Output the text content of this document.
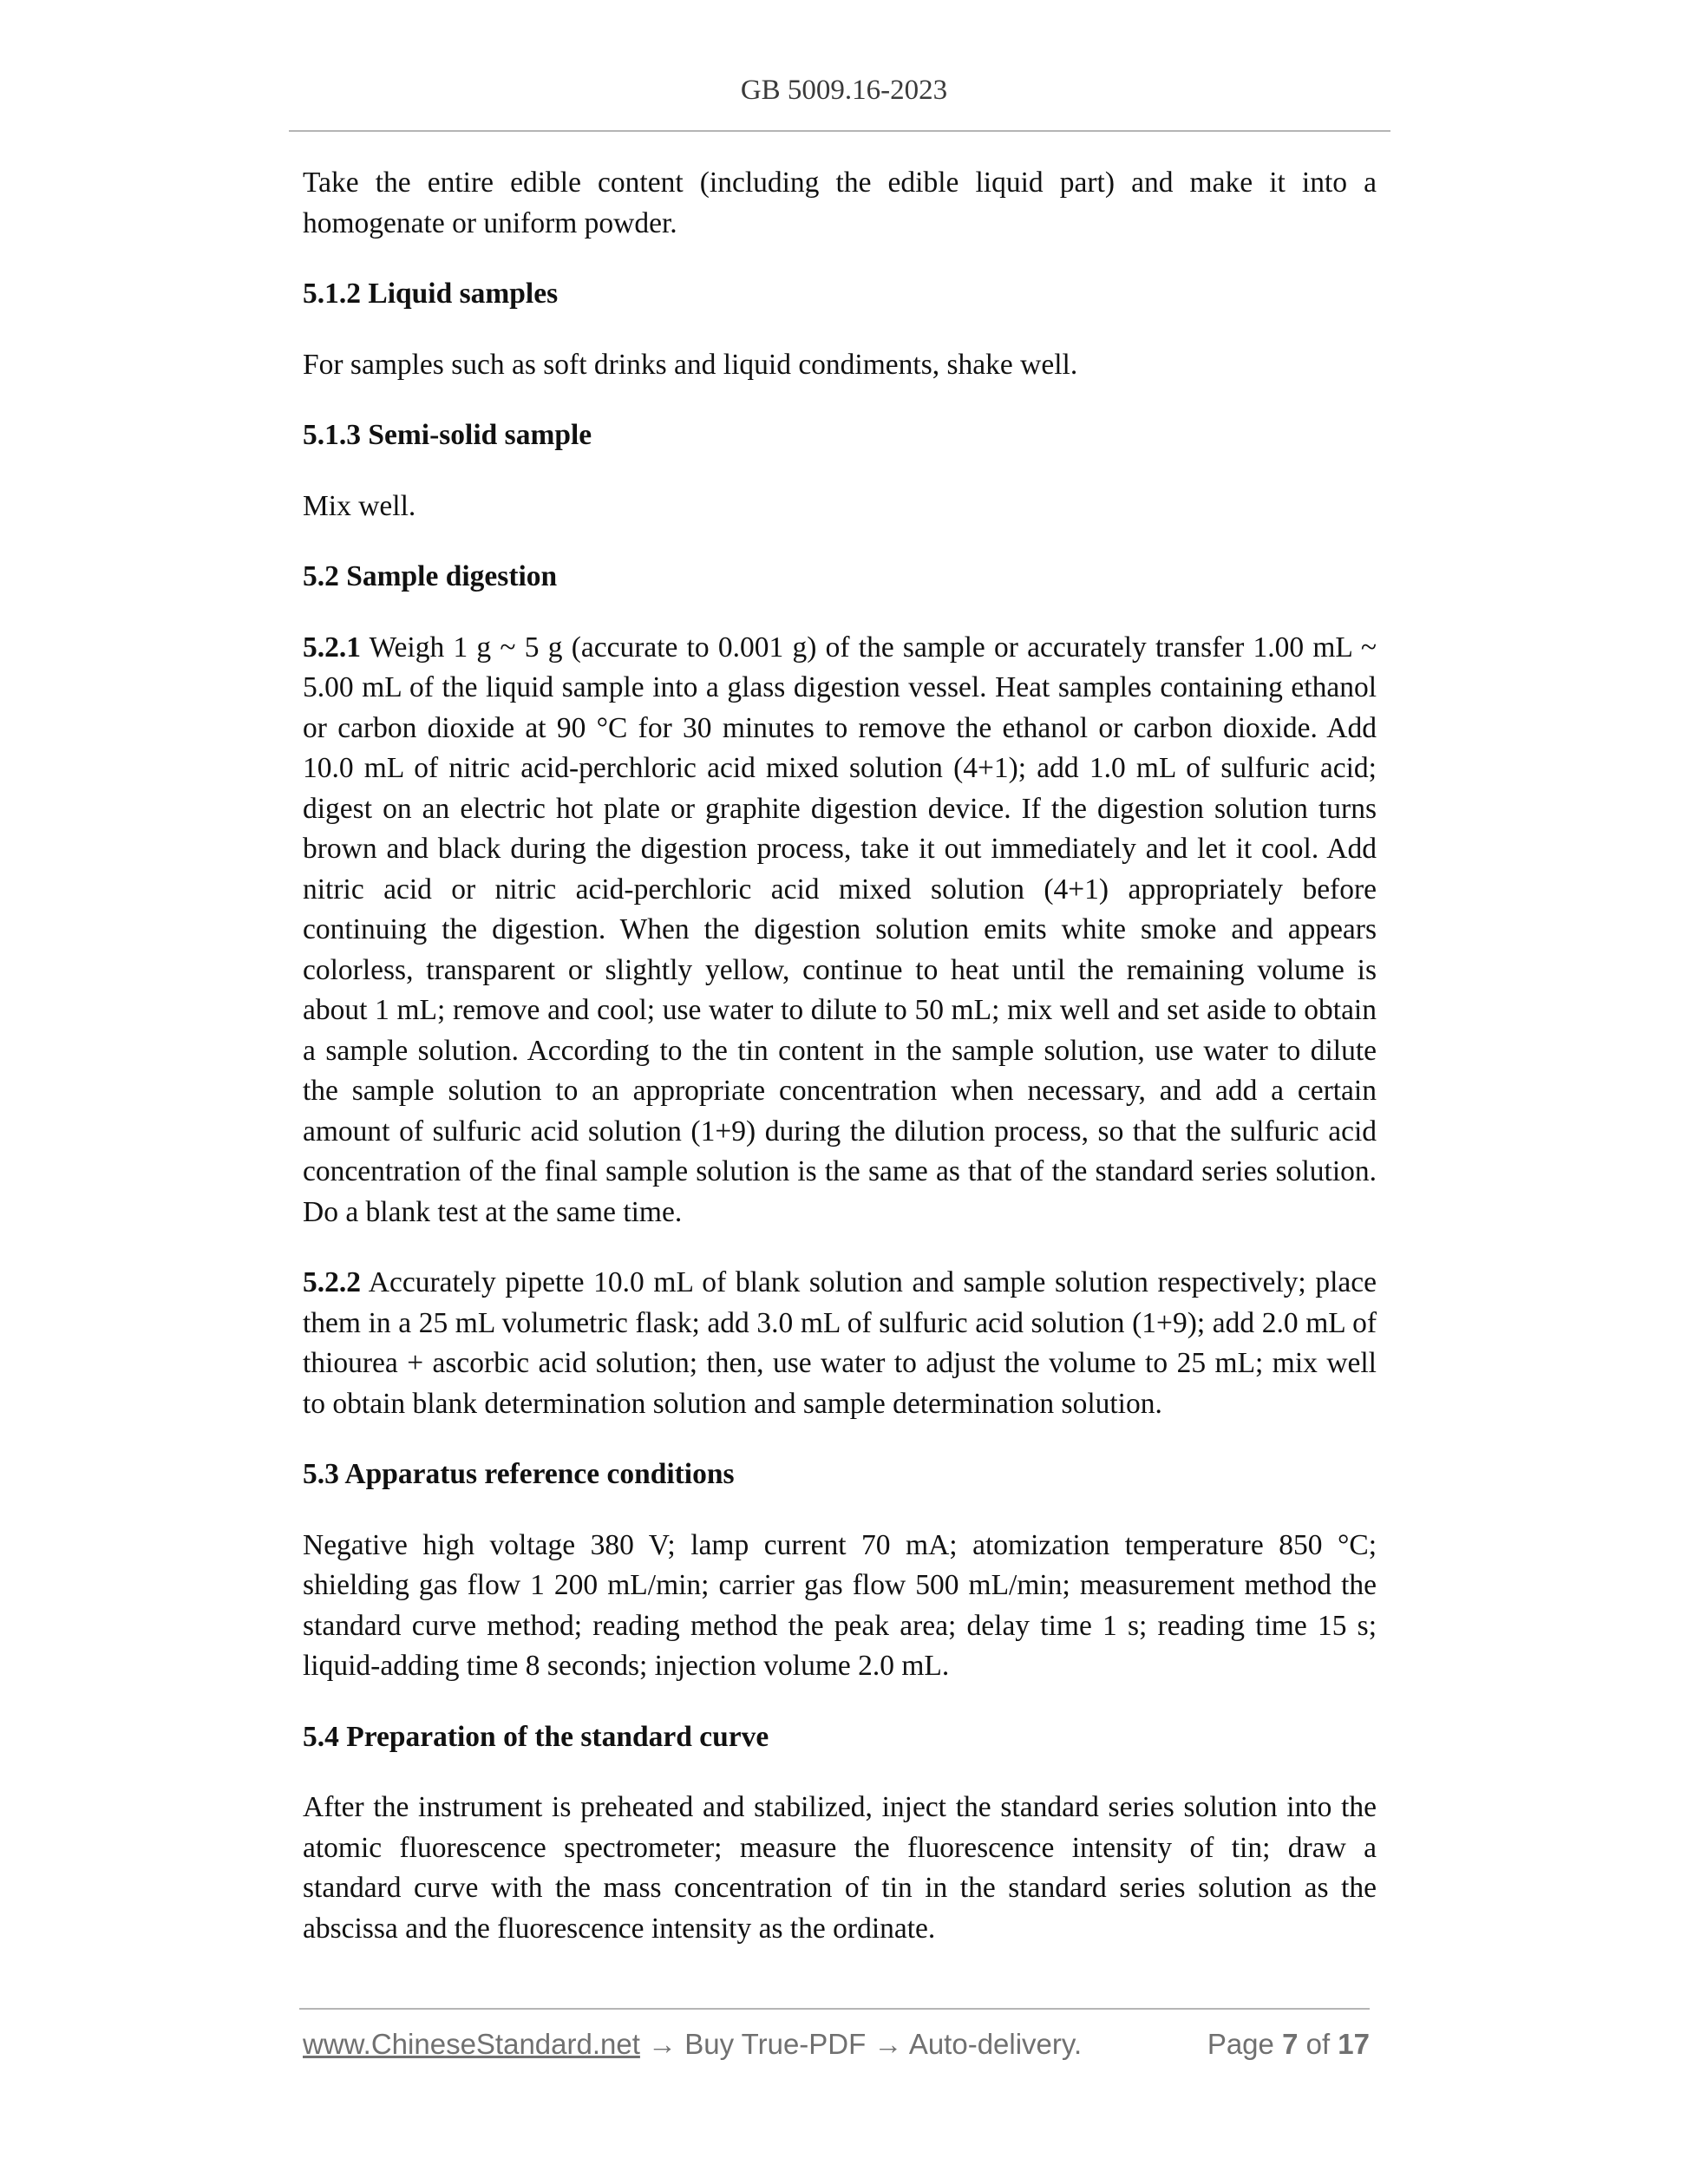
GB 5009.16-2023

Take the entire edible content (including the edible liquid part) and make it into a homogenate or uniform powder.

5.1.2 Liquid samples

For samples such as soft drinks and liquid condiments, shake well.

5.1.3 Semi-solid sample

Mix well.

5.2 Sample digestion

5.2.1 Weigh 1 g ~ 5 g (accurate to 0.001 g) of the sample or accurately transfer 1.00 mL ~ 5.00 mL of the liquid sample into a glass digestion vessel. Heat samples containing ethanol or carbon dioxide at 90 °C for 30 minutes to remove the ethanol or carbon dioxide. Add 10.0 mL of nitric acid-perchloric acid mixed solution (4+1); add 1.0 mL of sulfuric acid; digest on an electric hot plate or graphite digestion device. If the digestion solution turns brown and black during the digestion process, take it out immediately and let it cool. Add nitric acid or nitric acid-perchloric acid mixed solution (4+1) appropriately before continuing the digestion. When the digestion solution emits white smoke and appears colorless, transparent or slightly yellow, continue to heat until the remaining volume is about 1 mL; remove and cool; use water to dilute to 50 mL; mix well and set aside to obtain a sample solution. According to the tin content in the sample solution, use water to dilute the sample solution to an appropriate concentration when necessary, and add a certain amount of sulfuric acid solution (1+9) during the dilution process, so that the sulfuric acid concentration of the final sample solution is the same as that of the standard series solution. Do a blank test at the same time.

5.2.2 Accurately pipette 10.0 mL of blank solution and sample solution respectively; place them in a 25 mL volumetric flask; add 3.0 mL of sulfuric acid solution (1+9); add 2.0 mL of thiourea + ascorbic acid solution; then, use water to adjust the volume to 25 mL; mix well to obtain blank determination solution and sample determination solution.

5.3 Apparatus reference conditions

Negative high voltage 380 V; lamp current 70 mA; atomization temperature 850 °C; shielding gas flow 1 200 mL/min; carrier gas flow 500 mL/min; measurement method the standard curve method; reading method the peak area; delay time 1 s; reading time 15 s; liquid-adding time 8 seconds; injection volume 2.0 mL.

5.4 Preparation of the standard curve

After the instrument is preheated and stabilized, inject the standard series solution into the atomic fluorescence spectrometer; measure the fluorescence intensity of tin; draw a standard curve with the mass concentration of tin in the standard series solution as the abscissa and the fluorescence intensity as the ordinate.

www.ChineseStandard.net → Buy True-PDF → Auto-delivery.	Page 7 of 17
